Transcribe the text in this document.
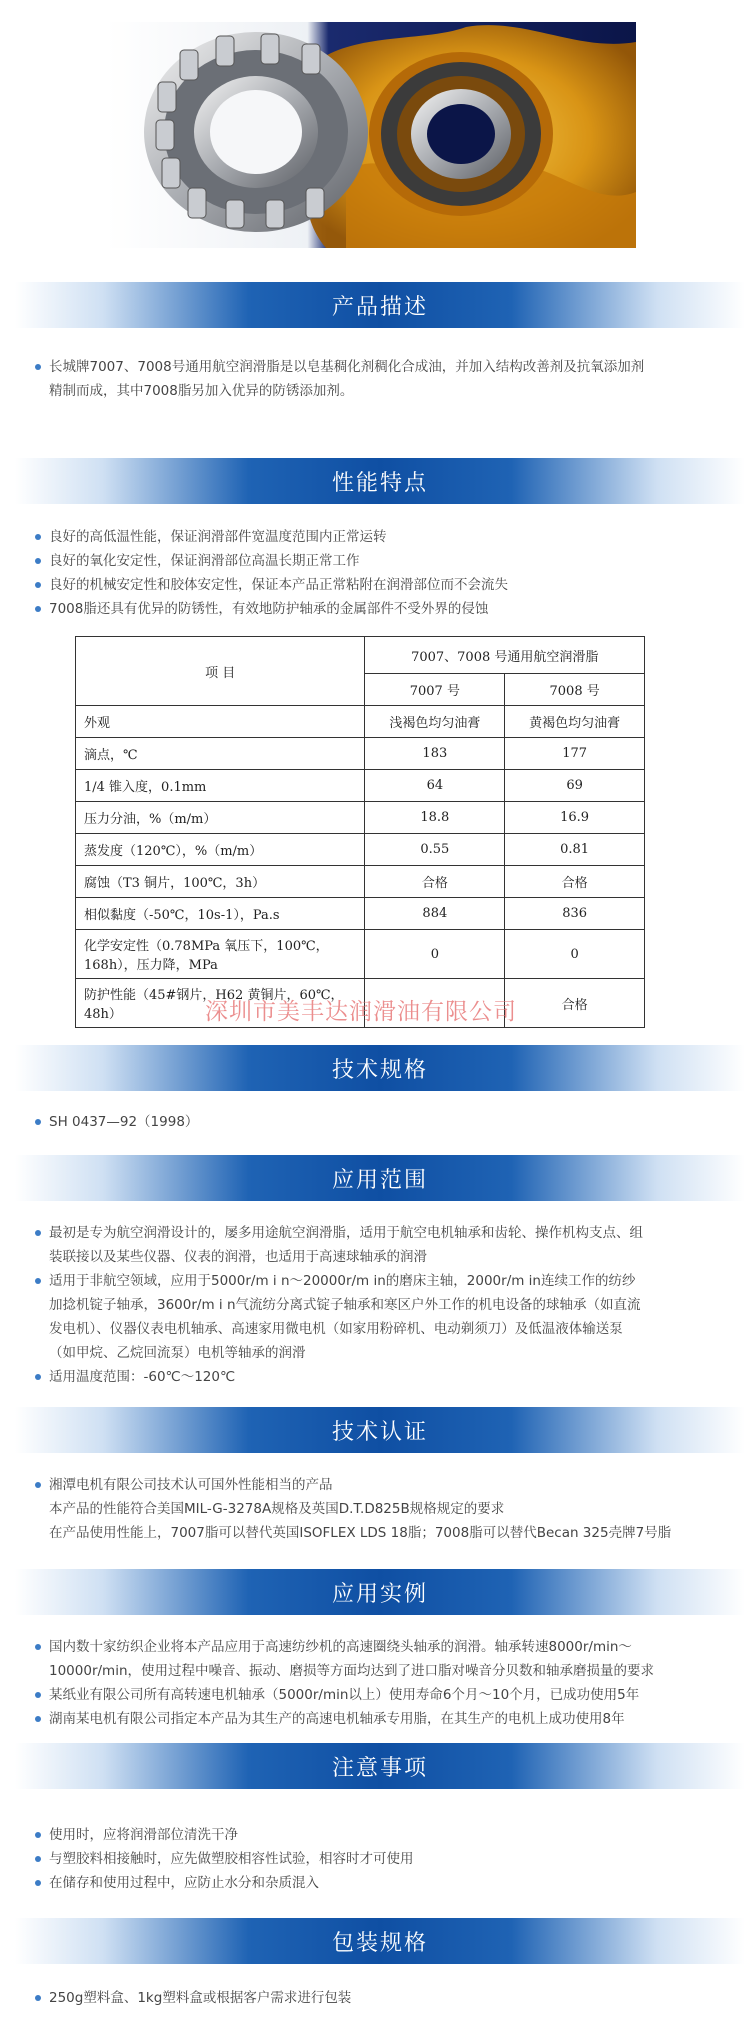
产品描述
长城牌7007、7008号通用航空润滑脂是以皂基稠化剂稠化合成油，并加入结构改善剂及抗氧添加剂
精制而成，其中7008脂另加入优异的防锈添加剂。
性能特点
良好的高低温性能，保证润滑部件宽温度范围内正常运转
良好的氧化安定性，保证润滑部位高温长期正常工作
良好的机械安定性和胶体安定性，保证本产品正常粘附在润滑部位而不会流失
7008脂还具有优异的防锈性，有效地防护轴承的金属部件不受外界的侵蚀
项 目	7007、7008 号通用航空润滑脂	
	7007 号	7008 号
外观	浅褐色均匀油膏	黄褐色均匀油膏
滴点，℃	183	177
1/4 锥入度，0.1mm	64	69
压力分油，%（m/m）	18.8	16.9
蒸发度（120℃），%（m/m）	0.55	0.81
腐蚀（T3 铜片，100℃，3h）	合格	合格
相似黏度（-50℃，10s-1），Pa.s	884	836
化学安定性（0.78MPa 氧压下，100℃，168h），压力降，MPa	0	0
防护性能（45#钢片，H62 黄铜片，60℃，48h）		合格
深圳市美丰达润滑油有限公司
技术规格
SH 0437—92（1998）
应用范围
最初是专为航空润滑设计的，屡多用途航空润滑脂，适用于航空电机轴承和齿轮、操作机构支点、组
装联接以及某些仪器、仪表的润滑，也适用于高速球轴承的润滑
适用于非航空领域，应用于5000r/m i n～20000r/m in的磨床主轴，2000r/m in连续工作的纺纱
加捻机锭子轴承，3600r/m i n气流纺分离式锭子轴承和寒区户外工作的机电设备的球轴承（如直流
发电机）、仪器仪表电机轴承、高速家用微电机（如家用粉碎机、电动剃须刀）及低温液体输送泵
（如甲烷、乙烷回流泵）电机等轴承的润滑
适用温度范围：-60℃～120℃
技术认证
湘潭电机有限公司技术认可国外性能相当的产品
本产品的性能符合美国MIL-G-3278A规格及英国D.T.D825B规格规定的要求
在产品使用性能上，7007脂可以替代英国ISOFLEX LDS 18脂；7008脂可以替代Becan 325壳牌7号脂
应用实例
国内数十家纺织企业将本产品应用于高速纺纱机的高速圈绕头轴承的润滑。轴承转速8000r/min～
10000r/min，使用过程中噪音、振动、磨损等方面均达到了进口脂对噪音分贝数和轴承磨损量的要求
某纸业有限公司所有高转速电机轴承（5000r/min以上）使用寿命6个月～10个月，已成功使用5年
湖南某电机有限公司指定本产品为其生产的高速电机轴承专用脂，在其生产的电机上成功使用8年
注意事项
使用时，应将润滑部位清洗干净
与塑胶料相接触时，应先做塑胶相容性试验，相容时才可使用
在储存和使用过程中，应防止水分和杂质混入
包装规格
250g塑料盒、1kg塑料盒或根据客户需求进行包装
